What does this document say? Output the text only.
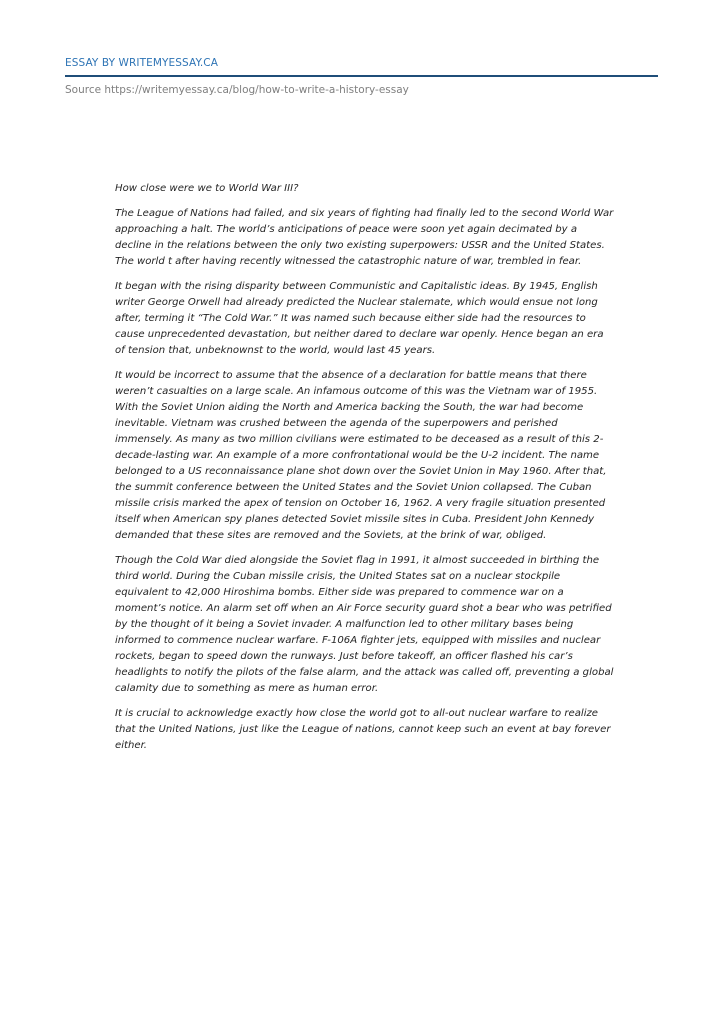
ESSAY BY WRITEMYESSAY.CA
Source https://writemyessay.ca/blog/how-to-write-a-history-essay

How close were we to World War III?

The League of Nations had failed, and six years of fighting had finally led to the second World War approaching a halt. The world’s anticipations of peace were soon yet again decimated by a decline in the relations between the only two existing superpowers: USSR and the United States. The world t after having recently witnessed the catastrophic nature of war, trembled in fear.

It began with the rising disparity between Communistic and Capitalistic ideas. By 1945, English writer George Orwell had already predicted the Nuclear stalemate, which would ensue not long after, terming it “The Cold War.” It was named such because either side had the resources to cause unprecedented devastation, but neither dared to declare war openly. Hence began an era of tension that, unbeknownst to the world, would last 45 years.

It would be incorrect to assume that the absence of a declaration for battle means that there weren’t casualties on a large scale. An infamous outcome of this was the Vietnam war of 1955. With the Soviet Union aiding the North and America backing the South, the war had become inevitable. Vietnam was crushed between the agenda of the superpowers and perished immensely. As many as two million civilians were estimated to be deceased as a result of this 2-decade-lasting war. An example of a more confrontational would be the U-2 incident. The name belonged to a US reconnaissance plane shot down over the Soviet Union in May 1960. After that, the summit conference between the United States and the Soviet Union collapsed. The Cuban missile crisis marked the apex of tension on October 16, 1962. A very fragile situation presented itself when American spy planes detected Soviet missile sites in Cuba. President John Kennedy demanded that these sites are removed and the Soviets, at the brink of war, obliged.

Though the Cold War died alongside the Soviet flag in 1991, it almost succeeded in birthing the third world. During the Cuban missile crisis, the United States sat on a nuclear stockpile equivalent to 42,000 Hiroshima bombs. Either side was prepared to commence war on a moment’s notice. An alarm set off when an Air Force security guard shot a bear who was petrified by the thought of it being a Soviet invader. A malfunction led to other military bases being informed to commence nuclear warfare. F-106A fighter jets, equipped with missiles and nuclear rockets, began to speed down the runways. Just before takeoff, an officer flashed his car’s headlights to notify the pilots of the false alarm, and the attack was called off, preventing a global calamity due to something as mere as human error.

It is crucial to acknowledge exactly how close the world got to all-out nuclear warfare to realize that the United Nations, just like the League of nations, cannot keep such an event at bay forever either.
